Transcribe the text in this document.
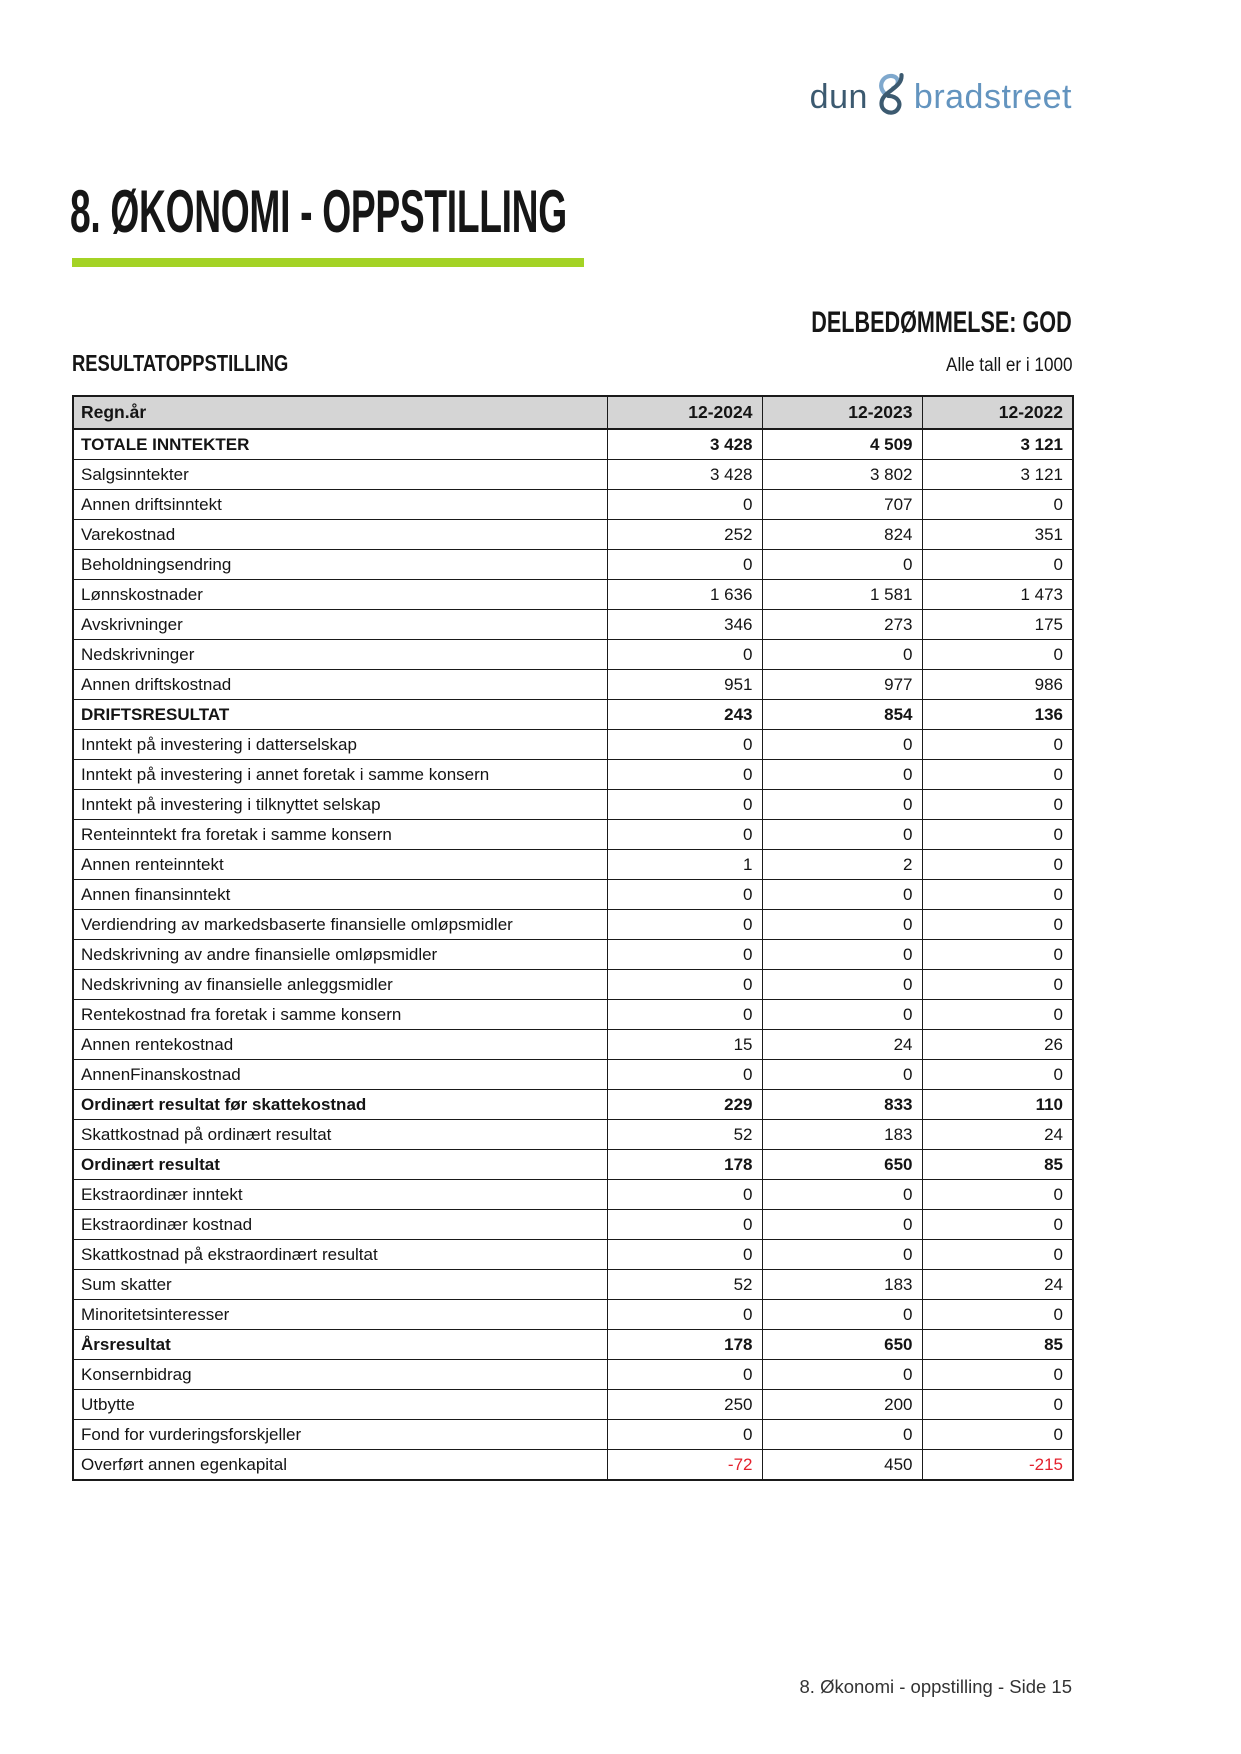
dun bradstreet
8. ØKONOMI - OPPSTILLING
DELBEDØMMELSE: GOD
RESULTATOPPSTILLING	Alle tall er i 1000
Regn.år	12-2024	12-2023	12-2022
TOTALE INNTEKTER	3 428	4 509	3 121
Salgsinntekter	3 428	3 802	3 121
Annen driftsinntekt	0	707	0
Varekostnad	252	824	351
Beholdningsendring	0	0	0
Lønnskostnader	1 636	1 581	1 473
Avskrivninger	346	273	175
Nedskrivninger	0	0	0
Annen driftskostnad	951	977	986
DRIFTSRESULTAT	243	854	136
Inntekt på investering i datterselskap	0	0	0
Inntekt på investering i annet foretak i samme konsern	0	0	0
Inntekt på investering i tilknyttet selskap	0	0	0
Renteinntekt fra foretak i samme konsern	0	0	0
Annen renteinntekt	1	2	0
Annen finansinntekt	0	0	0
Verdiendring av markedsbaserte finansielle omløpsmidler	0	0	0
Nedskrivning av andre finansielle omløpsmidler	0	0	0
Nedskrivning av finansielle anleggsmidler	0	0	0
Rentekostnad fra foretak i samme konsern	0	0	0
Annen rentekostnad	15	24	26
AnnenFinanskostnad	0	0	0
Ordinært resultat før skattekostnad	229	833	110
Skattkostnad på ordinært resultat	52	183	24
Ordinært resultat	178	650	85
Ekstraordinær inntekt	0	0	0
Ekstraordinær kostnad	0	0	0
Skattkostnad på ekstraordinært resultat	0	0	0
Sum skatter	52	183	24
Minoritetsinteresser	0	0	0
Årsresultat	178	650	85
Konsernbidrag	0	0	0
Utbytte	250	200	0
Fond for vurderingsforskjeller	0	0	0
Overført annen egenkapital	-72	450	-215
8. Økonomi - oppstilling - Side 15
